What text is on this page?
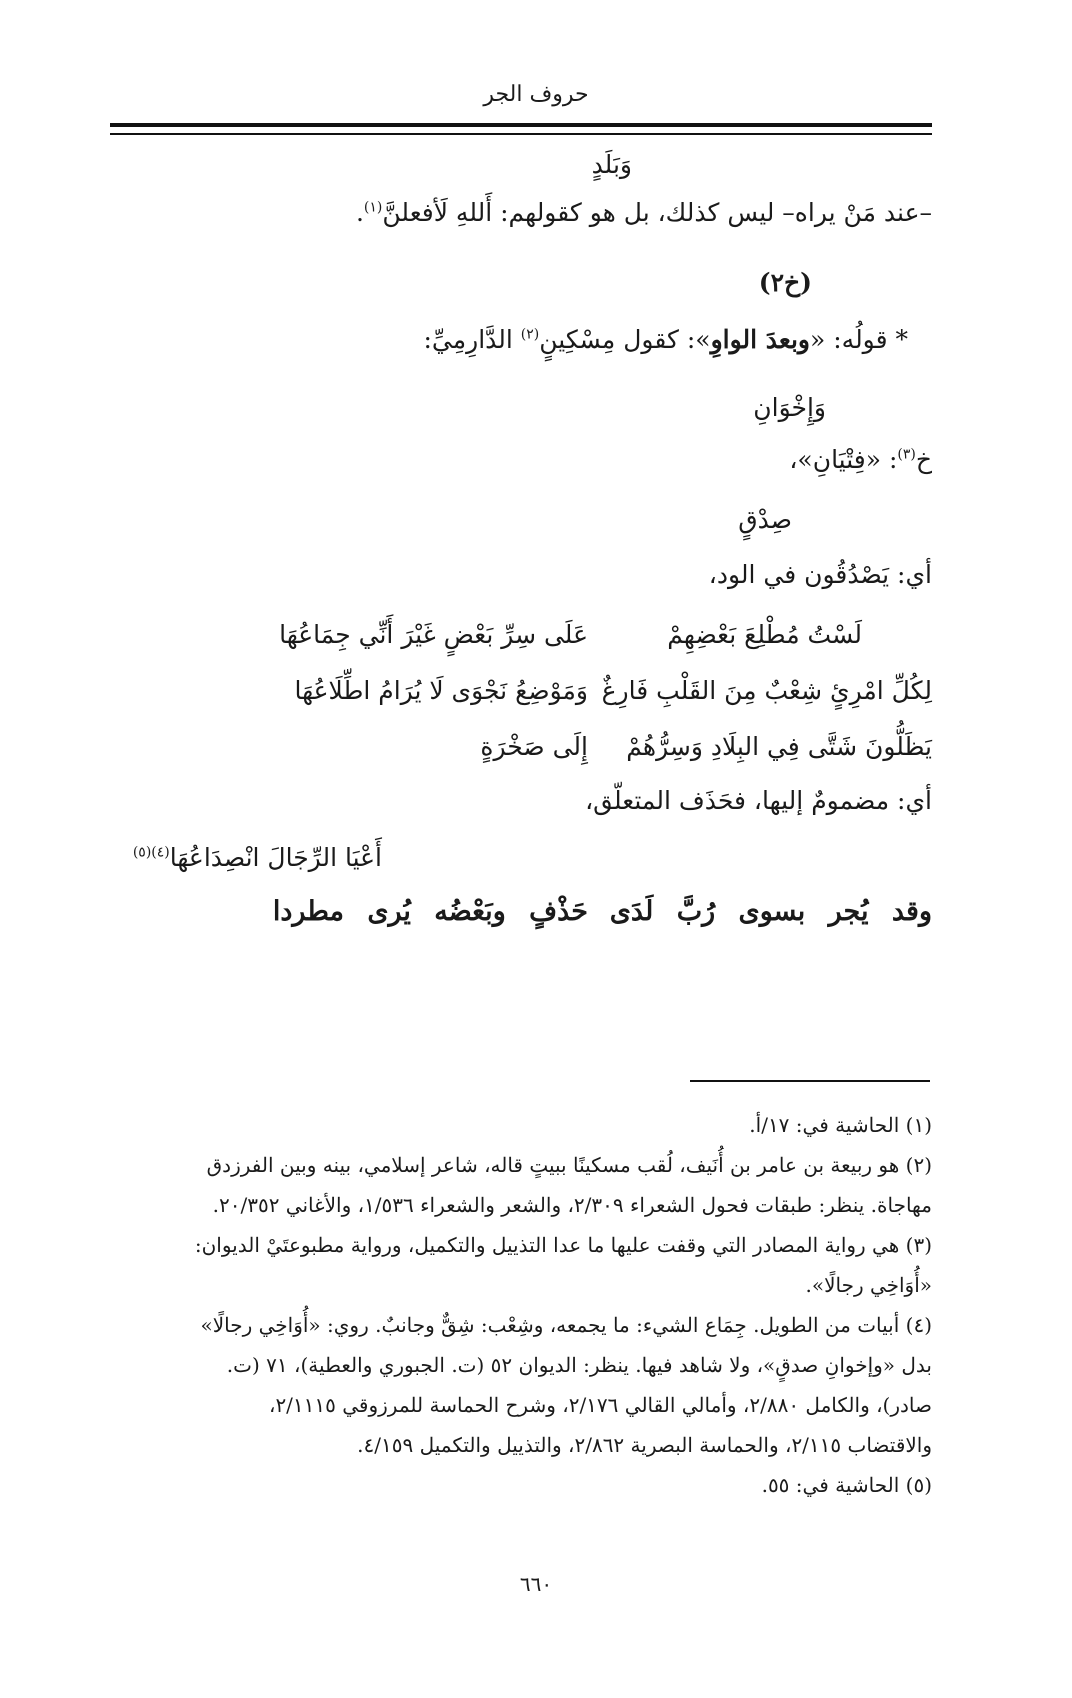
حروف الجر
وَبَلَدٍ
–عند مَنْ يراه– ليس كذلك، بل هو كقولهم: أَللهِ لَأفعلنَّ$^{(١)}$.
(خ٢)
* قولُه: «وبعدَ الواوِ»: كقول مِسْكِينٍ$^{(٢)}$ الدَّارِمِيِّ:
وَإِخْوَانِ
خ$^{(٣)}$: «فِتْيَانِ»،
صِدْقٍ
أي: يَصْدُقُون في الود،
لَسْتُ مُطْلِعَ بَعْضِهِمْ
عَلَى سِرِّ بَعْضٍ غَيْرَ أَنِّي جِمَاعُهَا
لِكُلِّ امْرِئٍ شِعْبٌ مِنَ القَلْبِ فَارِغٌ
وَمَوْضِعُ نَجْوَى لَا يُرَامُ اطِّلَاعُهَا
يَظَلُّونَ شَتَّى فِي البِلَادِ وَسِرُّهُمْ
إِلَى صَخْرَةٍ
أي: مضمومٌ إليها، فحَذَف المتعلّق،
أَعْيَا الرِّجَالَ انْصِدَاعُهَا$^{(٤)(٥)}$
وقد يُجر بسوى رُبَّ لَدَى
حَذْفٍ وبَعْضُه يُرى مطردا
(١) الحاشية في: ١٧/أ.
(٢) هو ربيعة بن عامر بن أُنَيف، لُقب مسكينًا ببيتٍ قاله، شاعر إسلامي، بينه وبين الفرزدق
مهاجاة. ينظر: طبقات فحول الشعراء ٢/٣٠٩، والشعر والشعراء ١/٥٣٦، والأغاني ٢٠/٣٥٢.
(٣) هي رواية المصادر التي وقفت عليها ما عدا التذييل والتكميل، ورواية مطبوعتَيْ الديوان:
«أُوَاخِي رجالًا».
(٤) أبيات من الطويل. جِمَاع الشيء: ما يجمعه، وشِعْب: شِقٌّ وجانبٌ. روي: «أُوَاخِي رجالًا»
بدل «وإخوانِ صدقٍ»، ولا شاهد فيها. ينظر: الديوان ٥٢ (ت. الجبوري والعطية)، ٧١ (ت.
صادر)، والكامل ٢/٨٨٠، وأمالي القالي ٢/١٧٦، وشرح الحماسة للمرزوقي ٢/١١١٥،
والاقتضاب ٢/١١٥، والحماسة البصرية ٢/٨٦٢، والتذييل والتكميل ٤/١٥٩.
(٥) الحاشية في: ٥٥.
٦٦٠
